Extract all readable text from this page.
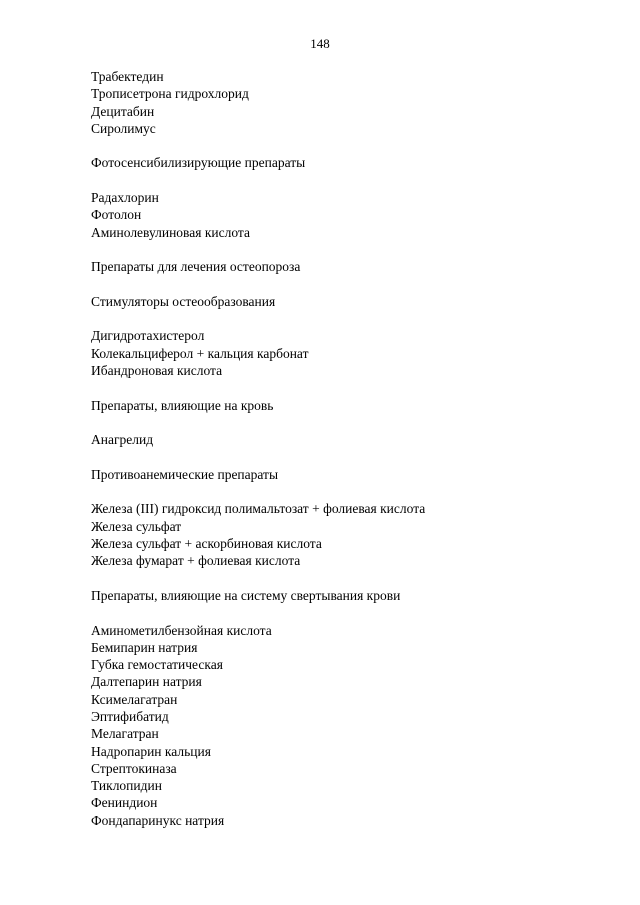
148
Трабектедин
Трописетрона гидрохлорид
Децитабин
Сиролимус
Фотосенсибилизирующие препараты
Радахлорин
Фотолон
Аминолевулиновая кислота
Препараты для лечения остеопороза
Стимуляторы остеообразования
Дигидротахистерол
Колекальциферол + кальция карбонат
Ибандроновая кислота
Препараты, влияющие на кровь
Анагрелид
Противоанемические препараты
Железа (III) гидроксид полимальтозат + фолиевая кислота
Железа сульфат
Железа сульфат + аскорбиновая кислота
Железа фумарат + фолиевая кислота
Препараты, влияющие на систему свертывания крови
Аминометилбензойная кислота
Бемипарин натрия
Губка гемостатическая
Далтепарин натрия
Ксимелагатран
Эптифибатид
Мелагатран
Надропарин кальция
Стрептокиназа
Тиклопидин
Фениндион
Фондапаринукс натрия
